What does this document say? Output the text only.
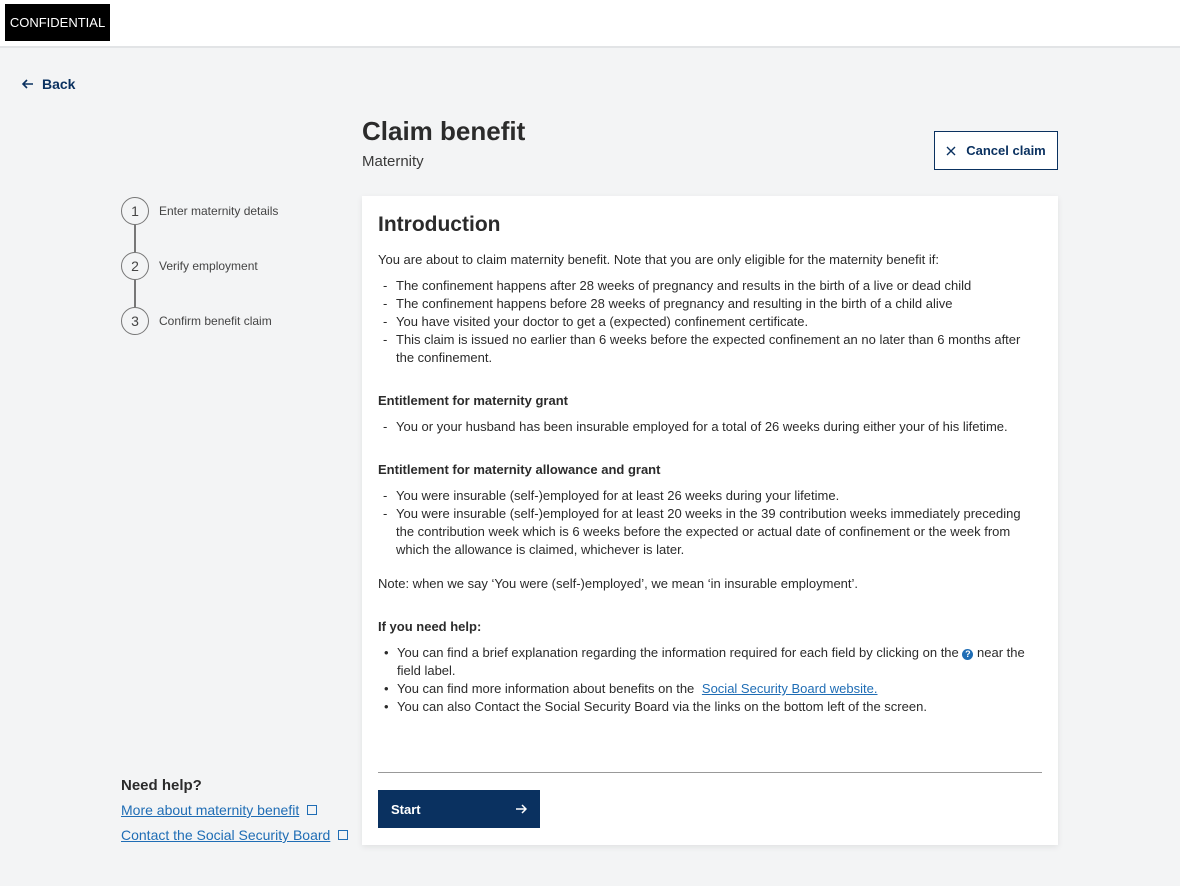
CONFIDENTIAL
Back
Claim benefit
Maternity
Cancel claim
1	Enter maternity details
2	Verify employment
3	Confirm benefit claim
Need help?
More about maternity benefit
Contact the Social Security Board
Introduction

You are about to claim maternity benefit. Note that you are only eligible for the maternity benefit if:

- The confinement happens after 28 weeks of pregnancy and results in the birth of a live or dead child
- The confinement happens before 28 weeks of pregnancy and resulting in the birth of a child alive
- You have visited your doctor to get a (expected) confinement certificate.
- This claim is issued no earlier than 6 weeks before the expected confinement an no later than 6 months after the confinement.
Entitlement for maternity grant
- You or your husband has been insurable employed for a total of 26 weeks during either your of his lifetime.
Entitlement for maternity allowance and grant
- You were insurable (self-)employed for at least 26 weeks during your lifetime.
- You were insurable (self-)employed for at least 20 weeks in the 39 contribution weeks immediately preceding the contribution week which is 6 weeks before the expected or actual date of confinement or the week from which the allowance is claimed, whichever is later.

Note: when we say ‘You were (self-)employed’, we mean ‘in insurable employment’.

If you need help:
• You can find a brief explanation regarding the information required for each field by clicking on the ? near the field label.
• You can find more information about benefits on the Social Security Board website.
• You can also Contact the Social Security Board via the links on the bottom left of the screen.
Start
